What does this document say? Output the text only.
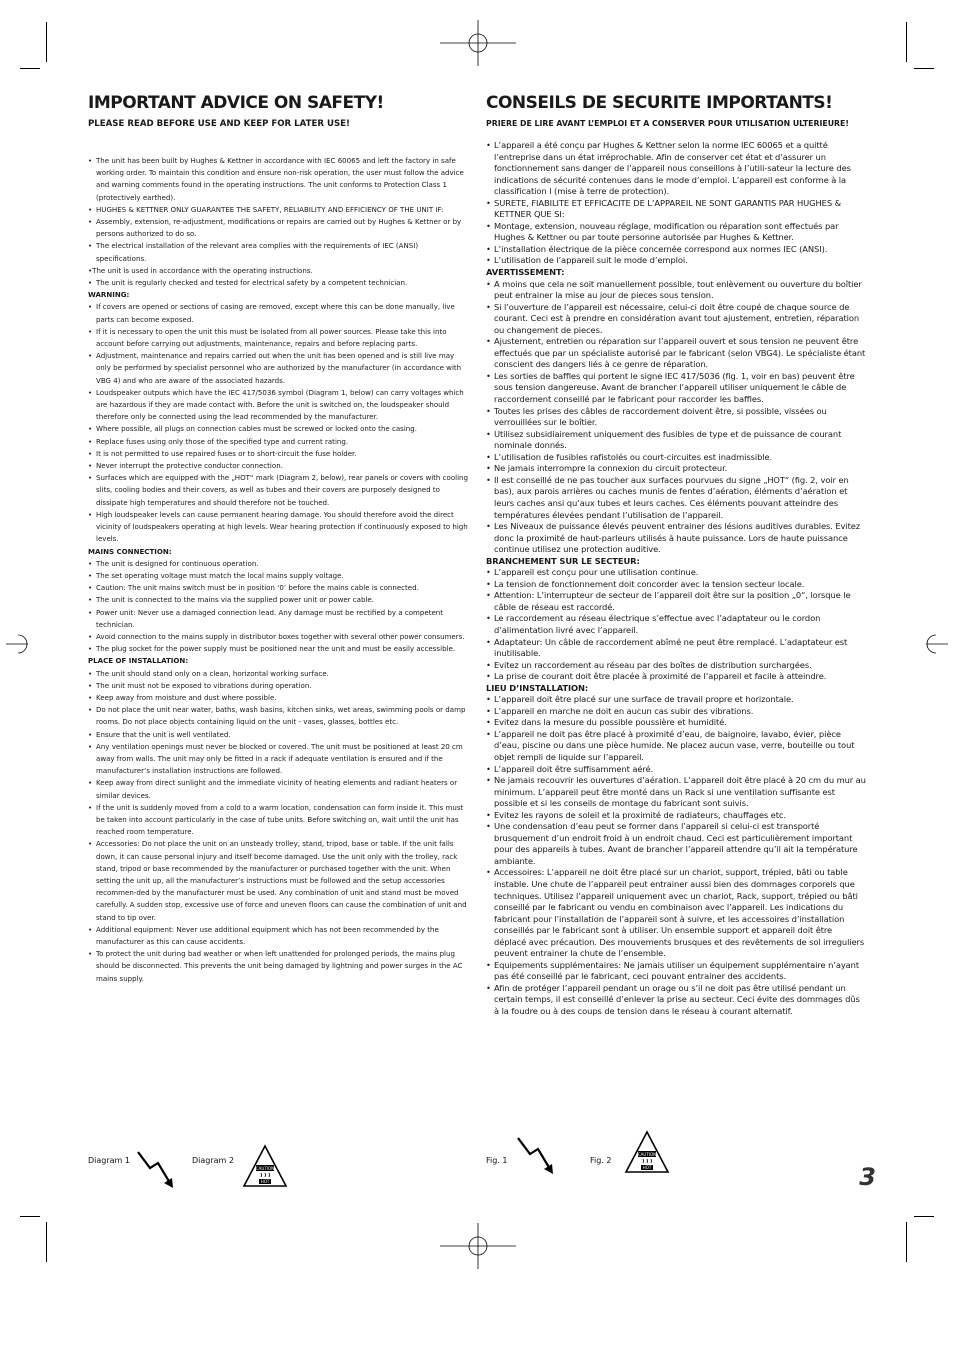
IMPORTANT ADVICE ON SAFETY!
PLEASE READ BEFORE USE AND KEEP FOR LATER USE!
• The unit has been built by Hughes & Kettner in accordance with IEC 60065 and left the factory in safe working order. To maintain this condition and ensure non-risk operation, the user must follow the advice and warning comments found in the operating instructions. The unit conforms to Protection Class 1 (protectively earthed).
• HUGHES & KETTNER ONLY GUARANTEE THE SAFETY, RELIABILITY AND EFFICIENCY OF THE UNIT IF:
• Assembly, extension, re-adjustment, modifications or repairs are carried out by Hughes & Kettner or by persons authorized to do so.
• The electrical installation of the relevant area complies with the requirements of IEC (ANSI) specifications.
•The unit is used in accordance with the operating instructions.
• The unit is regularly checked and tested for electrical safety by a competent technician.
WARNING:
• If covers are opened or sections of casing are removed, except where this can be done manually, live parts can become exposed.
• If it is necessary to open the unit this must be isolated from all power sources. Please take this into account before carrying out adjustments, maintenance, repairs and before replacing parts.
• Adjustment, maintenance and repairs carried out when the unit has been opened and is still live may only be performed by specialist personnel who are authorized by the manufacturer (in accordance with VBG 4) and who are aware of the associated hazards.
• Loudspeaker outputs which have the IEC 417/5036 symbol (Diagram 1, below) can carry voltages which are hazardous if they are made contact with. Before the unit is switched on, the loudspeaker should therefore only be connected using the lead recommended by the manufacturer.
• Where possible, all plugs on connection cables must be screwed or locked onto the casing.
• Replace fuses using only those of the specified type and current rating.
• It is not permitted to use repaired fuses or to short-circuit the fuse holder.
• Never interrupt the protective conductor connection.
• Surfaces which are equipped with the „HOT“ mark (Diagram 2, below), rear panels or covers with cooling slits, cooling bodies and their covers, as well as tubes and their covers are purposely designed to dissipate high temperatures and should therefore not be touched.
• High loudspeaker levels can cause permanent hearing damage. You should therefore avoid the direct vicinity of loudspeakers operating at high levels. Wear hearing protection if continuously exposed to high levels.
MAINS CONNECTION:
• The unit is designed for continuous operation.
• The set operating voltage must match the local mains supply voltage.
• Caution: The unit mains switch must be in position ‘0’ before the mains cable is connected.
• The unit is connected to the mains via the supplied power unit or power cable.
• Power unit: Never use a damaged connection lead. Any damage must be rectified by a competent technician.
• Avoid connection to the mains supply in distributor boxes together with several other power consumers.
• The plug socket for the power supply must be positioned near the unit and must be easily accessible.
PLACE OF INSTALLATION:
• The unit should stand only on a clean, horizontal working surface.
• The unit must not be exposed to vibrations during operation.
• Keep away from moisture and dust where possible.
• Do not place the unit near water, baths, wash basins, kitchen sinks, wet areas, swimming pools or damp rooms. Do not place objects containing liquid on the unit - vases, glasses, bottles etc.
• Ensure that the unit is well ventilated.
• Any ventilation openings must never be blocked or covered. The unit must be positioned at least 20 cm away from walls. The unit may only be fitted in a rack if adequate ventilation is ensured and if the manufacturer’s installation instructions are followed.
• Keep away from direct sunlight and the immediate vicinity of heating elements and radiant heaters or similar devices.
• If the unit is suddenly moved from a cold to a warm location, condensation can form inside it. This must be taken into account particularly in the case of tube units. Before switching on, wait until the unit has reached room temperature.
• Accessories: Do not place the unit on an unsteady trolley, stand, tripod, base or table. If the unit falls down, it can cause personal injury and itself become damaged. Use the unit only with the trolley, rack stand, tripod or base recommended by the manufacturer or purchased together with the unit. When setting the unit up, all the manufacturer’s instructions must be followed and the setup accessories recommen-ded by the manufacturer must be used. Any combination of unit and stand must be moved carefully. A sudden stop, excessive use of force and uneven floors can cause the combination of unit and stand to tip over.
• Additional equipment: Never use additional equipment which has not been recommended by the manufacturer as this can cause accidents.
• To protect the unit during bad weather or when left unattended for prolonged periods, the mains plug should be disconnected. This prevents the unit being damaged by lightning and power surges in the AC mains supply.
CONSEILS DE SECURITE IMPORTANTS!
PRIERE DE LIRE AVANT L’EMPLOI ET A CONSERVER POUR UTILISATION ULTERIEURE!
• L’appareil a été conçu par Hughes & Kettner selon la norme IEC 60065 et a quitté l’entreprise dans un état irréprochable. Afin de conserver cet état et d’assurer un fonctionnement sans danger de l’appareil nous conseillons à l’utili-sateur la lecture des indications de sécurité contenues dans le mode d’emploi. L’appareil est conforme à la classification I (mise à terre de protection).
• SURETE, FIABILITE ET EFFICACITE DE L’APPAREIL NE SONT GARANTIS PAR HUGHES & KETTNER QUE SI:
• Montage, extension, nouveau réglage, modification ou réparation sont effectués par Hughes & Kettner ou par toute personne autorisée par Hughes & Kettner.
• L’installation électrique de la pièce concernée correspond aux normes IEC (ANSI).
• L’utilisation de l’appareil suit le mode d’emploi.
AVERTISSEMENT:
• A moins que cela ne soit manuellement possible, tout enlèvement ou ouverture du boîtier peut entrainer la mise au jour de pieces sous tension.
• Si l’ouverture de l’appareil est nécessaire, celui-ci doit être coupé de chaque source de courant. Ceci est à prendre en considération avant tout ajustement, entretien, réparation ou changement de pieces.
• Ajustement, entretien ou réparation sur l’appareil ouvert et sous tension ne peuvent être effectués que par un spécialiste autorisé par le fabricant (selon VBG4). Le spécialiste étant conscient des dangers liés à ce genre de réparation.
• Les sorties de baffles qui portent le signe IEC 417/5036 (fig. 1, voir en bas) peuvent être sous tension dangereuse. Avant de brancher l’appareil utiliser uniquement le câble de raccordement conseillé par le fabricant pour raccorder les baffles.
• Toutes les prises des câbles de raccordement doivent être, si possible, vissées ou verrouillées sur le boîtier.
• Utilisez subsidiairement uniquement des fusibles de type et de puissance de courant nominale donnés.
• L’utilisation de fusibles rafistolés ou court-circuites est inadmissible.
• Ne jamais interrompre la connexion du circuit protecteur.
• Il est conseillé de ne pas toucher aux surfaces pourvues du signe „HOT“ (fig. 2, voir en bas), aux parois arrières ou caches munis de fentes d’aération, éléments d’aération et leurs caches ansi qu’aux tubes et leurs caches. Ces éléments pouvant atteindre des températures élevées pendant l’utilisation de l’appareil.
• Les Niveaux de puissance élevés peuvent entrainer des lésions auditives durables. Evitez donc la proximité de haut-parleurs utilisés à haute puissance. Lors de haute puissance continue utilisez une protection auditive.
BRANCHEMENT SUR LE SECTEUR:
• L’appareil est conçu pour une utilisation continue.
• La tension de fonctionnement doit concorder avec la tension secteur locale.
• Attention: L’interrupteur de secteur de l’appareil doit être sur la position „0“, lorsque le câble de réseau est raccordé.
• Le raccordement au réseau électrique s’effectue avec l’adaptateur ou le cordon d’alimentation livré avec l’appareil.
• Adaptateur: Un câble de raccordement abîmé ne peut être remplacé. L’adaptateur est inutilisable.
• Evitez un raccordement au réseau par des boîtes de distribution surchargées.
• La prise de courant doit être placée à proximité de l’appareil et facile à atteindre.
LIEU D’INSTALLATION:
• L’appareil doit être placé sur une surface de travail propre et horizontale.
• L’appareil en marche ne doit en aucun cas subir des vibrations.
• Evitez dans la mesure du possible poussière et humidité.
• L’appareil ne doit pas être placé à proximité d’eau, de baignoire, lavabo, évier, pièce d’eau, piscine ou dans une pièce humide. Ne placez aucun vase, verre, bouteille ou tout objet rempli de liquide sur l’appareil.
• L’appareil doit être suffisamment aéré.
• Ne jamais recouvrir les ouvertures d’aération. L’appareil doit être placé à 20 cm du mur au minimum. L’appareil peut être monté dans un Rack si une ventilation suffisante est possible et si les conseils de montage du fabricant sont suivis.
• Evitez les rayons de soleil et la proximité de radiateurs, chauffages etc.
• Une condensation d’eau peut se former dans l’appareil si celui-ci est transporté brusquement d’un endroit froid à un endroit chaud. Ceci est particulièrement important pour des appareils à tubes. Avant de brancher l’appareil attendre qu’il ait la température ambiante.
• Accessoires: L’appareil ne doit être placé sur un chariot, support, trépied, bâti ou table instable. Une chute de l’appareil peut entrainer aussi bien des dommages corporels que techniques. Utilisez l’appareil uniquement avec un chariot, Rack, support, trépied ou bâti conseillé par le fabricant ou vendu en combinaison avec l’appareil. Les indications du fabricant pour l’installation de l’appareil sont à suivre, et les accessoires d’installation conseillés par le fabricant sont à utiliser. Un ensemble support et appareil doit être déplacé avec précaution. Des mouvements brusques et des revêtements de sol irreguliers peuvent entrainer la chute de l’ensemble.
• Equipements supplémentaires: Ne jamais utiliser un équipement supplémentaire n’ayant pas été conseillé par le fabricant, ceci pouvant entrainer des accidents.
• Afin de protéger l’appareil pendant un orage ou s’il ne doit pas être utilisé pendant un certain temps, il est conseillé d’enlever la prise au secteur. Ceci évite des dommages dûs à la foudre ou à des coups de tension dans le réseau à courant alternatif.
Diagram 1	Diagram 2
CAUTION
HOT
Fig. 1	Fig. 2
CAUTION
HOT	3
